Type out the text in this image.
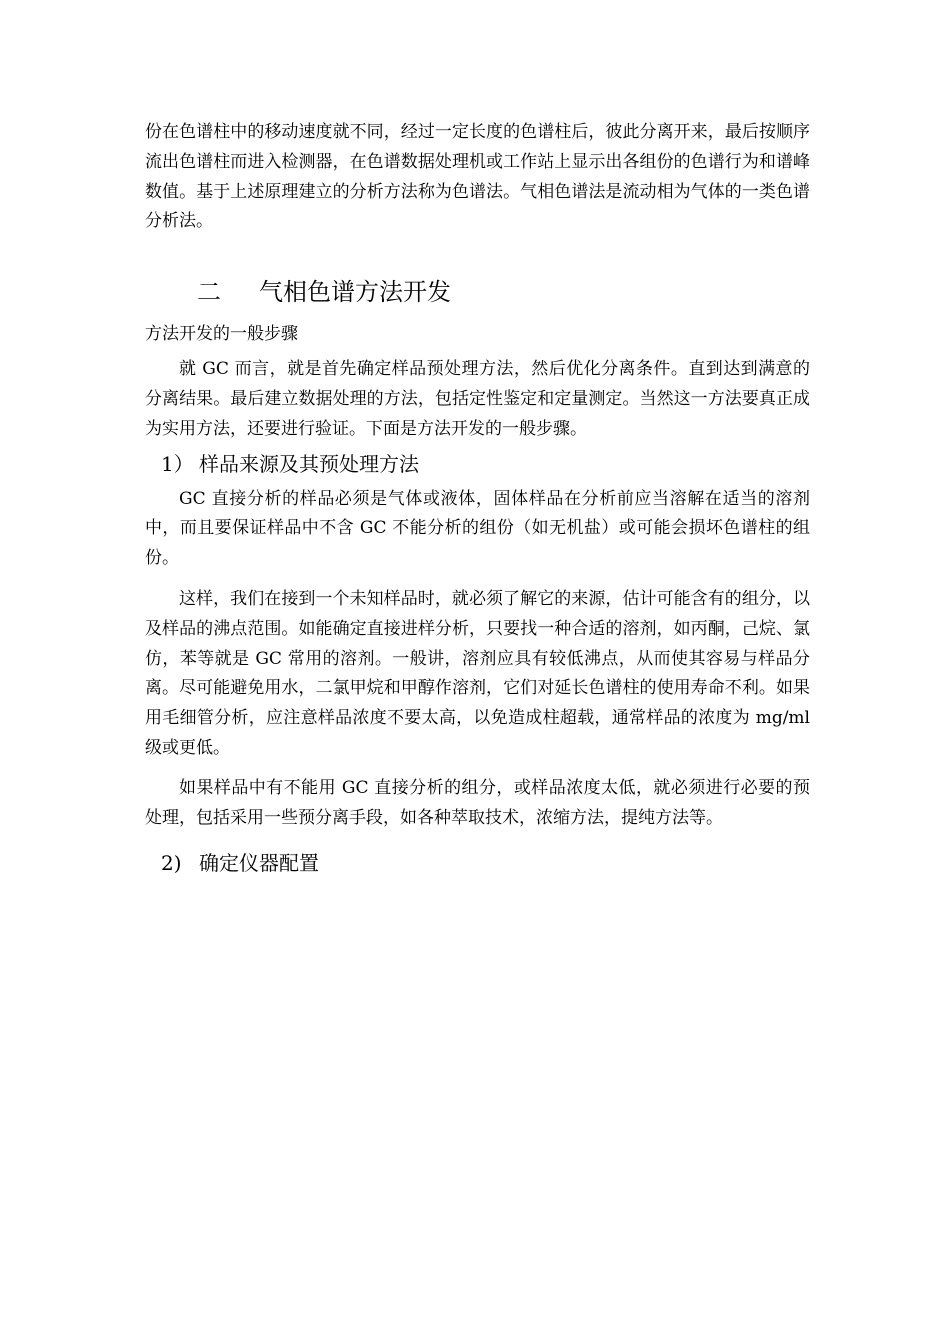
份在色谱柱中的移动速度就不同，经过一定长度的色谱柱后，彼此分离开来，最后按顺序流出色谱柱而进入检测器，在色谱数据处理机或工作站上显示出各组份的色谱行为和谱峰数值。基于上述原理建立的分析方法称为色谱法。气相色谱法是流动相为气体的一类色谱分析法。

二 气相色谱方法开发
方法开发的一般步骤

就 GC 而言，就是首先确定样品预处理方法，然后优化分离条件。直到达到满意的分离结果。最后建立数据处理的方法，包括定性鉴定和定量测定。当然这一方法要真正成为实用方法，还要进行验证。下面是方法开发的一般步骤。

1） 样品来源及其预处理方法

GC 直接分析的样品必须是气体或液体，固体样品在分析前应当溶解在适当的溶剂中，而且要保证样品中不含 GC 不能分析的组份（如无机盐）或可能会损坏色谱柱的组份。

这样，我们在接到一个未知样品时，就必须了解它的来源，估计可能含有的组分，以及样品的沸点范围。如能确定直接进样分析，只要找一种合适的溶剂，如丙酮，己烷、氯仿，苯等就是 GC 常用的溶剂。一般讲，溶剂应具有较低沸点，从而使其容易与样品分离。尽可能避免用水，二氯甲烷和甲醇作溶剂，它们对延长色谱柱的使用寿命不利。如果用毛细管分析，应注意样品浓度不要太高，以免造成柱超载，通常样品的浓度为 mg/ml 级或更低。

如果样品中有不能用 GC 直接分析的组分，或样品浓度太低，就必须进行必要的预处理，包括采用一些预分离手段，如各种萃取技术，浓缩方法，提纯方法等。

2) 确定仪器配置
